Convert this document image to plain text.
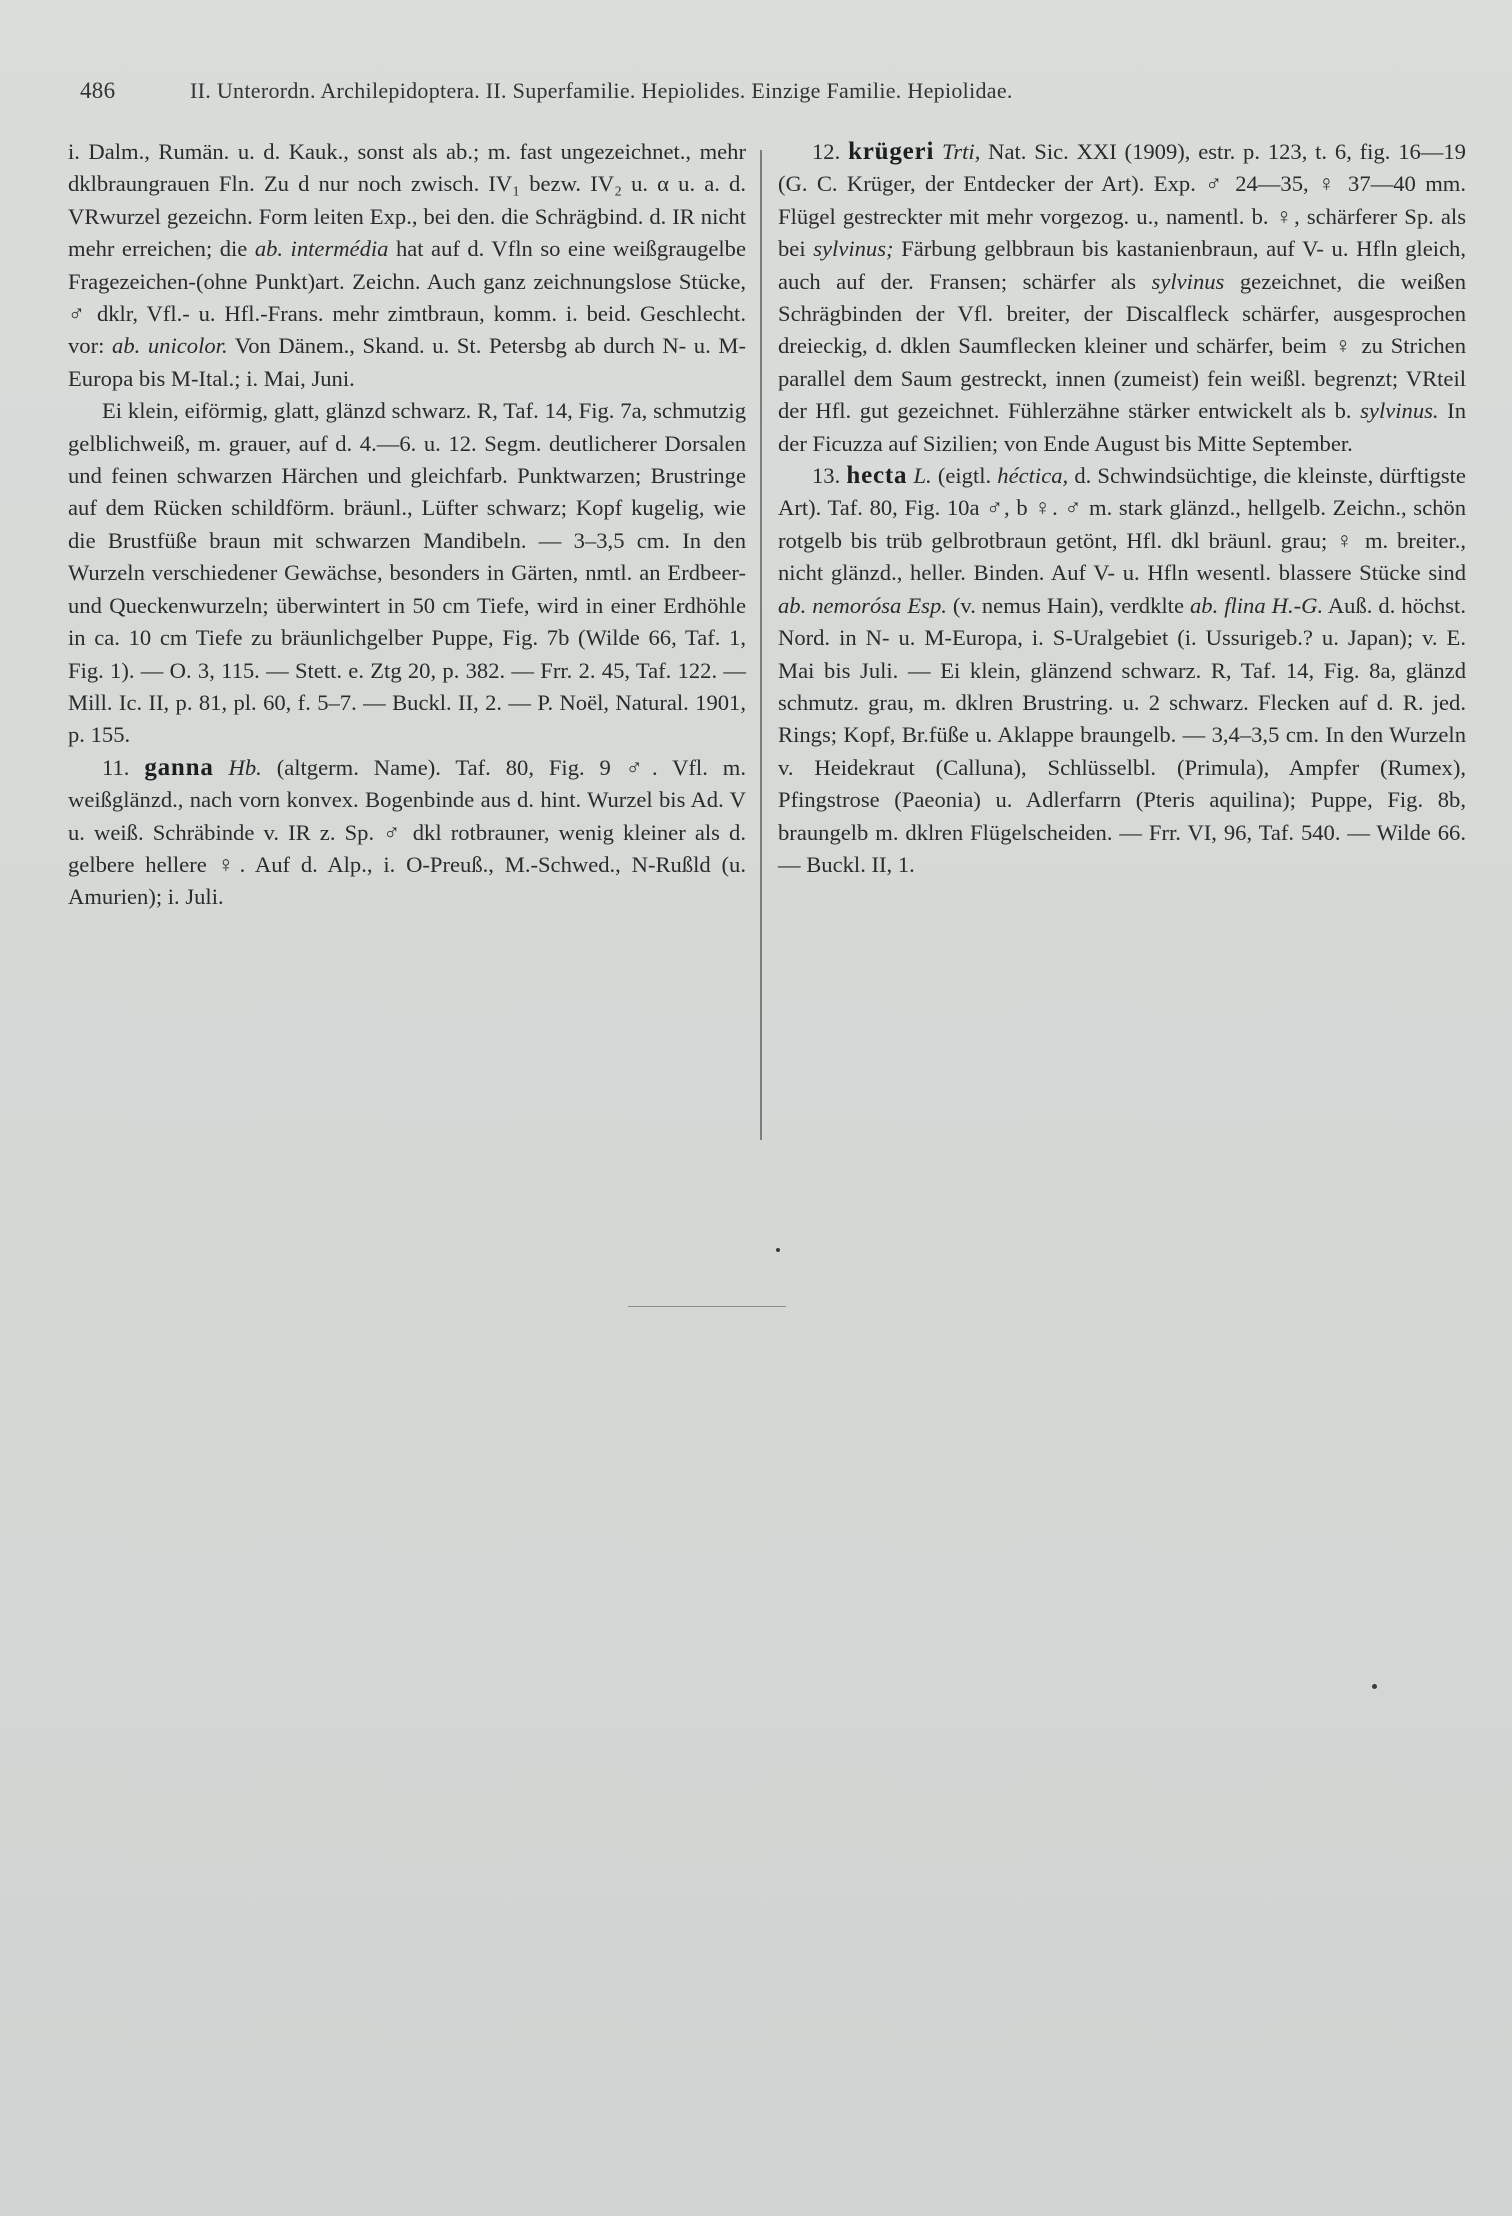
486	II. Unterordn. Archilepidoptera. II. Superfamilie. Hepiolides. Einzige Familie. Hepiolidae.

i. Dalm., Rumän. u. d. Kauk., sonst als ab.; m. fast ungezeichnet., mehr dklbraungrauen Fln. Zu d nur noch zwisch. IV₁ bezw. IV₂ u. α u. a. d. VRwurzel gezeichn. Form leiten Exp., bei den. die Schrägbind. d. IR nicht mehr erreichen; die ab. intermédia hat auf d. Vfln so eine weißgraugelbe Fragezeichen-(ohne Punkt)art. Zeichn. Auch ganz zeichnungslose Stücke, ♂ dklr, Vfl.- u. Hfl.-Frans. mehr zimtbraun, komm. i. beid. Geschlecht. vor: ab. unicolor. Von Dänem., Skand. u. St. Petersbg ab durch N- u. M-Europa bis M-Ital.; i. Mai, Juni.

Ei klein, eiförmig, glatt, glänzd schwarz. R, Taf. 14, Fig. 7a, schmutzig gelblichweiß, m. grauer, auf d. 4.—6. u. 12. Segm. deutlicherer Dorsalen und feinen schwarzen Härchen und gleichfarb. Punktwarzen; Brustringe auf dem Rücken schildförm. bräunl., Lüfter schwarz; Kopf kugelig, wie die Brustfüße braun mit schwarzen Mandibeln. — 3–3,5 cm. In den Wurzeln verschiedener Gewächse, besonders in Gärten, nmtl. an Erdbeer- und Queckenwurzeln; überwintert in 50 cm Tiefe, wird in einer Erdhöhle in ca. 10 cm Tiefe zu bräunlichgelber Puppe, Fig. 7b (Wilde 66, Taf. 1, Fig. 1). — O. 3, 115. — Stett. e. Ztg 20, p. 382. — Frr. 2. 45, Taf. 122. — Mill. Ic. II, p. 81, pl. 60, f. 5–7. — Buckl. II, 2. — P. Noël, Natural. 1901, p. 155.

11. ganna Hb. (altgerm. Name). Taf. 80, Fig. 9 ♂. Vfl. m. weißglänzd., nach vorn konvex. Bogenbinde aus d. hint. Wurzel bis Ad. V u. weiß. Schräbinde v. IR z. Sp. ♂ dkl rotbrauner, wenig kleiner als d. gelbere hellere ♀. Auf d. Alp., i. O-Preuß., M.-Schwed., N-Rußld (u. Amurien); i. Juli.

12. krügeri Trti, Nat. Sic. XXI (1909), estr. p. 123, t. 6, fig. 16—19 (G. C. Krüger, der Entdecker der Art). Exp. ♂ 24—35, ♀ 37—40 mm. Flügel gestreckter mit mehr vorgezog. u., namentl. b. ♀, schärferer Sp. als bei sylvinus; Färbung gelbbraun bis kastanienbraun, auf V- u. Hfln gleich, auch auf der. Fransen; schärfer als sylvinus gezeichnet, die weißen Schrägbinden der Vfl. breiter, der Discalfleck schärfer, ausgesprochen dreieckig, d. dklen Saumflecken kleiner und schärfer, beim ♀ zu Strichen parallel dem Saum gestreckt, innen (zumeist) fein weißl. begrenzt; VRteil der Hfl. gut gezeichnet. Fühlerzähne stärker entwickelt als b. sylvinus. In der Ficuzza auf Sizilien; von Ende August bis Mitte September.

13. hecta L. (eigtl. héctica, d. Schwindsüchtige, die kleinste, dürftigste Art). Taf. 80, Fig. 10a ♂, b ♀. ♂ m. stark glänzd., hellgelb. Zeichn., schön rotgelb bis trüb gelbrotbraun getönt, Hfl. dkl bräunl. grau; ♀ m. breiter., nicht glänzd., heller. Binden. Auf V- u. Hfln wesentl. blassere Stücke sind ab. nemorósa Esp. (v. nemus Hain), verdklte ab. flina H.-G. Auß. d. höchst. Nord. in N- u. M-Europa, i. S-Uralgebiet (i. Ussurigeb.? u. Japan); v. E. Mai bis Juli. — Ei klein, glänzend schwarz. R, Taf. 14, Fig. 8a, glänzd schmutz. grau, m. dklren Brustring. u. 2 schwarz. Flecken auf d. R. jed. Rings; Kopf, Br.füße u. Aklappe braungelb. — 3,4–3,5 cm. In den Wurzeln v. Heidekraut (Calluna), Schlüsselbl. (Primula), Ampfer (Rumex), Pfingstrose (Paeonia) u. Adlerfarrn (Pteris aquilina); Puppe, Fig. 8b, braungelb m. dklren Flügelscheiden. — Frr. VI, 96, Taf. 540. — Wilde 66. — Buckl. II, 1.
